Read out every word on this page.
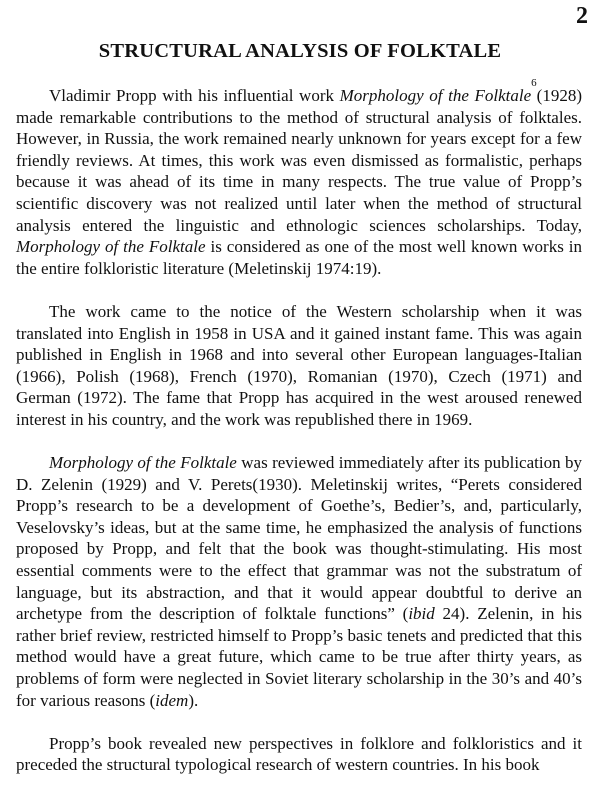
2
STRUCTURAL ANALYSIS OF FOLKTALE

Vladimir Propp with his influential work Morphology of the Folktale$^6$(1928) made remarkable contributions to the method of structural analysis of folktales. However, in Russia, the work remained nearly unknown for years except for a few friendly reviews. At times, this work was even dismissed as formalistic, perhaps because it was ahead of its time in many respects. The true value of Propp’s scientific discovery was not realized until later when the method of structural analysis entered the linguistic and ethnologic sciences scholarships. Today, Morphology of the Folktale is considered as one of the most well known works in the entire folkloristic literature (Meletinskij 1974:19).

The work came to the notice of the Western scholarship when it was translated into English in 1958 in USA and it gained instant fame. This was again published in English in 1968 and into several other European languages-Italian (1966), Polish (1968), French (1970), Romanian (1970), Czech (1971) and German (1972). The fame that Propp has acquired in the west aroused renewed interest in his country, and the work was republished there in 1969.

Morphology of the Folktale was reviewed immediately after its publication by D. Zelenin (1929) and V. Perets(1930). Meletinskij writes, “Perets considered Propp’s research to be a development of Goethe’s, Bedier’s, and, particularly, Veselovsky’s ideas, but at the same time, he emphasized the analysis of functions proposed by Propp, and felt that the book was thought-stimulating. His most essential comments were to the effect that grammar was not the substratum of language, but its abstraction, and that it would appear doubtful to derive an archetype from the description of folktale functions” (ibid 24). Zelenin, in his rather brief review, restricted himself to Propp’s basic tenets and predicted that this method would have a great future, which came to be true after thirty years, as problems of form were neglected in Soviet literary scholarship in the 30’s and 40’s for various reasons (idem).

Propp’s book revealed new perspectives in folklore and folkloristics and it preceded the structural typological research of western countries. In his book
